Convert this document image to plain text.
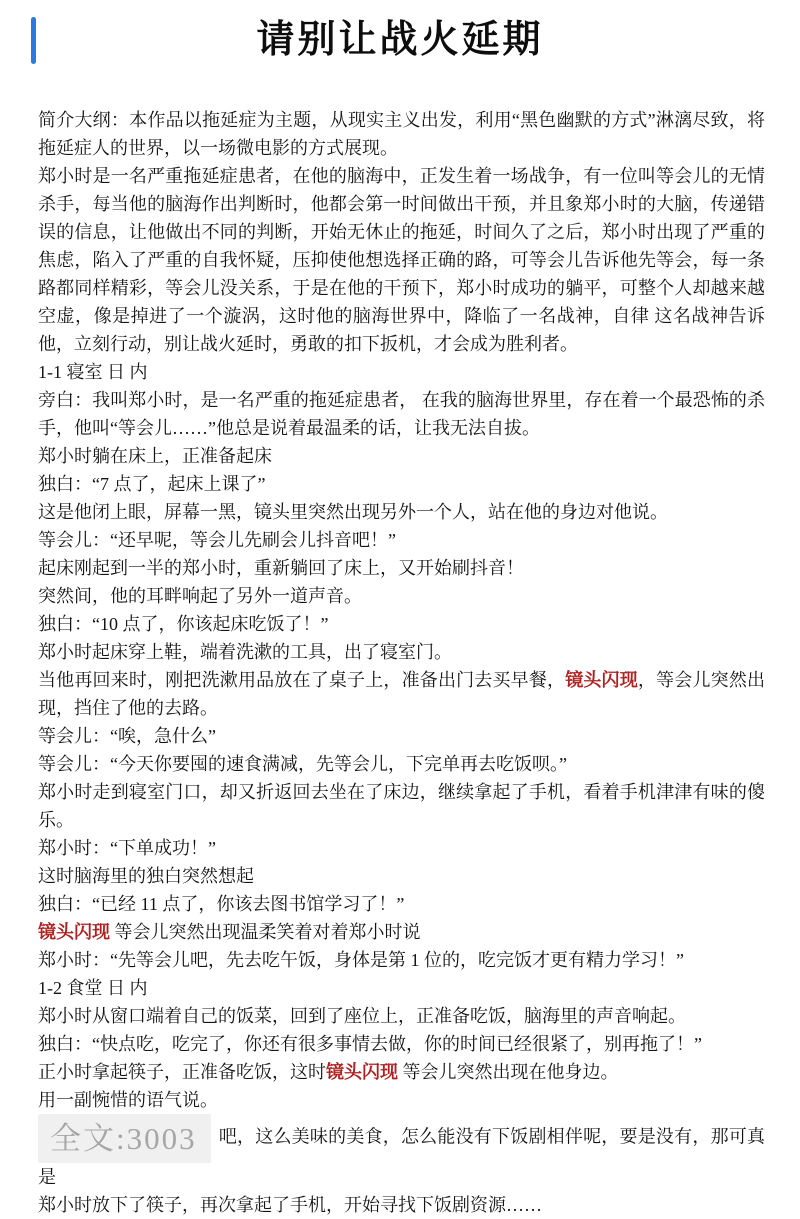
请别让战火延期

简介大纲：本作品以拖延症为主题，从现实主义出发，利用“黑色幽默的方式”淋漓尽致，将拖延症人的世界，以一场微电影的方式展现。

郑小时是一名严重拖延症患者，在他的脑海中，正发生着一场战争，有一位叫等会儿的无情杀手，每当他的脑海作出判断时，他都会第一时间做出干预，并且象郑小时的大脑，传递错误的信息，让他做出不同的判断，开始无休止的拖延，时间久了之后，郑小时出现了严重的焦虑，陷入了严重的自我怀疑，压抑使他想选择正确的路，可等会儿告诉他先等会，每一条路都同样精彩，等会儿没关系，于是在他的干预下，郑小时成功的躺平，可整个人却越来越空虚，像是掉进了一个漩涡，这时他的脑海世界中，降临了一名战神，自律 这名战神告诉他，立刻行动，别让战火延时，勇敢的扣下扳机，才会成为胜利者。

1-1 寝室 日 内

旁白：我叫郑小时，是一名严重的拖延症患者， 在我的脑海世界里，存在着一个最恐怖的杀手，他叫“等会儿……”他总是说着最温柔的话，让我无法自拔。

郑小时躺在床上，正准备起床

独白：“7 点了，起床上课了”

这是他闭上眼，屏幕一黑，镜头里突然出现另外一个人，站在他的身边对他说。

等会儿：“还早呢，等会儿先刷会儿抖音吧！”

起床刚起到一半的郑小时，重新躺回了床上，又开始刷抖音！

突然间，他的耳畔响起了另外一道声音。

独白：“10 点了，你该起床吃饭了！”

郑小时起床穿上鞋，端着洗漱的工具，出了寝室门。

当他再回来时，刚把洗漱用品放在了桌子上，准备出门去买早餐，镜头闪现，等会儿突然出现，挡住了他的去路。

等会儿：“唉，急什么”

等会儿：“今天你要囤的速食满减，先等会儿，下完单再去吃饭呗。”

郑小时走到寝室门口，却又折返回去坐在了床边，继续拿起了手机，看着手机津津有味的傻乐。

郑小时：“下单成功！”

这时脑海里的独白突然想起

独白：“已经 11 点了，你该去图书馆学习了！”

镜头闪现 等会儿突然出现温柔笑着对着郑小时说

郑小时：“先等会儿吧，先去吃午饭，身体是第 1 位的，吃完饭才更有精力学习！”

1-2 食堂 日 内

郑小时从窗口端着自己的饭菜，回到了座位上，正准备吃饭，脑海里的声音响起。

独白：“快点吃，吃完了，你还有很多事情去做，你的时间已经很紧了，别再拖了！”

正小时拿起筷子，正准备吃饭，这时镜头闪现 等会儿突然出现在他身边。

用一副惋惜的语气说。

全文:3003 吧，这么美味的美食，怎么能没有下饭剧相伴呢，要是没有，那可真是

郑小时放下了筷子，再次拿起了手机，开始寻找下饭剧资源……
